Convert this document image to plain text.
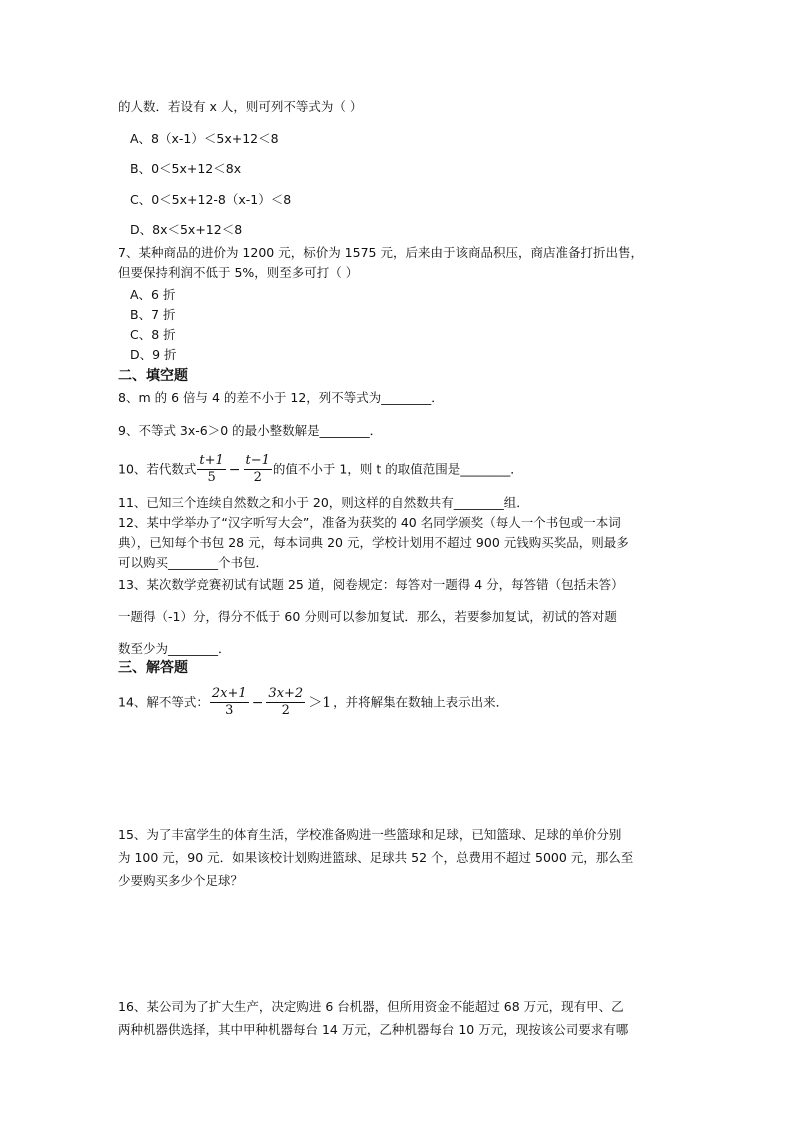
的人数．若设有 x 人，则可列不等式为（ ）
A、8（x-1）＜5x+12＜8
B、0＜5x+12＜8x
C、0＜5x+12-8（x-1）＜8
D、8x＜5x+12＜8
7、某种商品的进价为 1200 元，标价为 1575 元，后来由于该商品积压，商店准备打折出售，
但要保持利润不低于 5%，则至多可打（ ）
A、6 折
B、7 折
C、8 折
D、9 折
二、填空题
8、m 的 6 倍与 4 的差不小于 12，列不等式为________．
9、不等式 3x-6＞0 的最小整数解是________．
10、若代数式 $\frac{t+1}{5} - \frac{t-1}{2}$ 的值不小于 1，则 t 的取值范围是________．
11、已知三个连续自然数之和小于 20，则这样的自然数共有________组．
12、某中学举办了“汉字听写大会”，准备为获奖的 40 名同学颁奖（每人一个书包或一本词
典），已知每个书包 28 元，每本词典 20 元，学校计划用不超过 900 元钱购买奖品，则最多
可以购买________个书包．
13、某次数学竞赛初试有试题 25 道，阅卷规定：每答对一题得 4 分，每答错（包括未答）
一题得（-1）分，得分不低于 60 分则可以参加复试．那么，若要参加复试，初试的答对题
数至少为________．
三、解答题
14、解不等式： $\frac{2x+1}{3} - \frac{3x+2}{2} >1$ ，并将解集在数轴上表示出来．
15、为了丰富学生的体育生活，学校准备购进一些篮球和足球，已知篮球、足球的单价分别
为 100 元，90 元．如果该校计划购进篮球、足球共 52 个，总费用不超过 5000 元，那么至
少要购买多少个足球？
16、某公司为了扩大生产，决定购进 6 台机器，但所用资金不能超过 68 万元，现有甲、乙
两种机器供选择，其中甲种机器每台 14 万元，乙种机器每台 10 万元，现按该公司要求有哪
